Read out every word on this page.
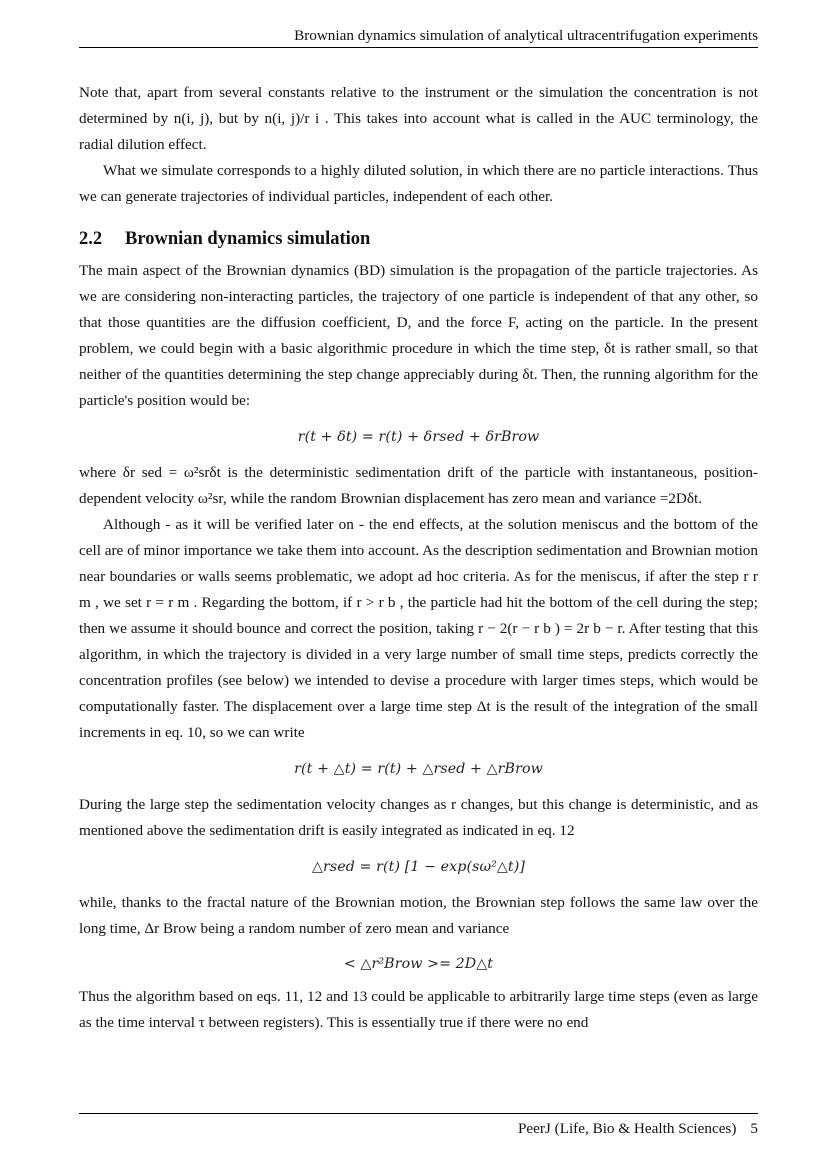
Brownian dynamics simulation of analytical ultracentrifugation experiments

Note that, apart from several constants relative to the instrument or the simulation the concentration is not determined by n(i, j), but by n(i, j)/r i . This takes into account what is called in the AUC terminology, the radial dilution effect.

What we simulate corresponds to a highly diluted solution, in which there are no particle interactions. Thus we can generate trajectories of individual particles, independent of each other.

2.2 Brownian dynamics simulation

The main aspect of the Brownian dynamics (BD) simulation is the propagation of the particle trajectories. As we are considering non-interacting particles, the trajectory of one particle is independent of that any other, so that those quantities are the diffusion coefficient, D, and the force F, acting on the particle. In the present problem, we could begin with a basic algorithmic procedure in which the time step, δt is rather small, so that neither of the quantities determining the step change appreciably during δt. Then, the running algorithm for the particle's position would be:

r(t + δt) = r(t) + δrsed + δrBrow

where δr sed = ω²srδt is the deterministic sedimentation drift of the particle with instantaneous, position-dependent velocity ω²sr, while the random Brownian displacement has zero mean and variance =2Dδt.

Although - as it will be verified later on - the end effects, at the solution meniscus and the bottom of the cell are of minor importance we take them into account. As the description sedimentation and Brownian motion near boundaries or walls seems problematic, we adopt ad hoc criteria. As for the meniscus, if after the step r r m , we set r = r m . Regarding the bottom, if r > r b , the particle had hit the bottom of the cell during the step; then we assume it should bounce and correct the position, taking r − 2(r − r b ) = 2r b − r. After testing that this algorithm, in which the trajectory is divided in a very large number of small time steps, predicts correctly the concentration profiles (see below) we intended to devise a procedure with larger times steps, which would be computationally faster. The displacement over a large time step Δt is the result of the integration of the small increments in eq. 10, so we can write

r(t + △t) = r(t) + △rsed + △rBrow

During the large step the sedimentation velocity changes as r changes, but this change is deterministic, and as mentioned above the sedimentation drift is easily integrated as indicated in eq. 12

△rsed = r(t) [1 − exp(sω²△t)]

while, thanks to the fractal nature of the Brownian motion, the Brownian step follows the same law over the long time, Δr Brow being a random number of zero mean and variance

< △r²Brow >= 2D△t

Thus the algorithm based on eqs. 11, 12 and 13 could be applicable to arbitrarily large time steps (even as large as the time interval τ between registers). This is essentially true if there were no end

PeerJ (Life, Bio & Health Sciences) 5
